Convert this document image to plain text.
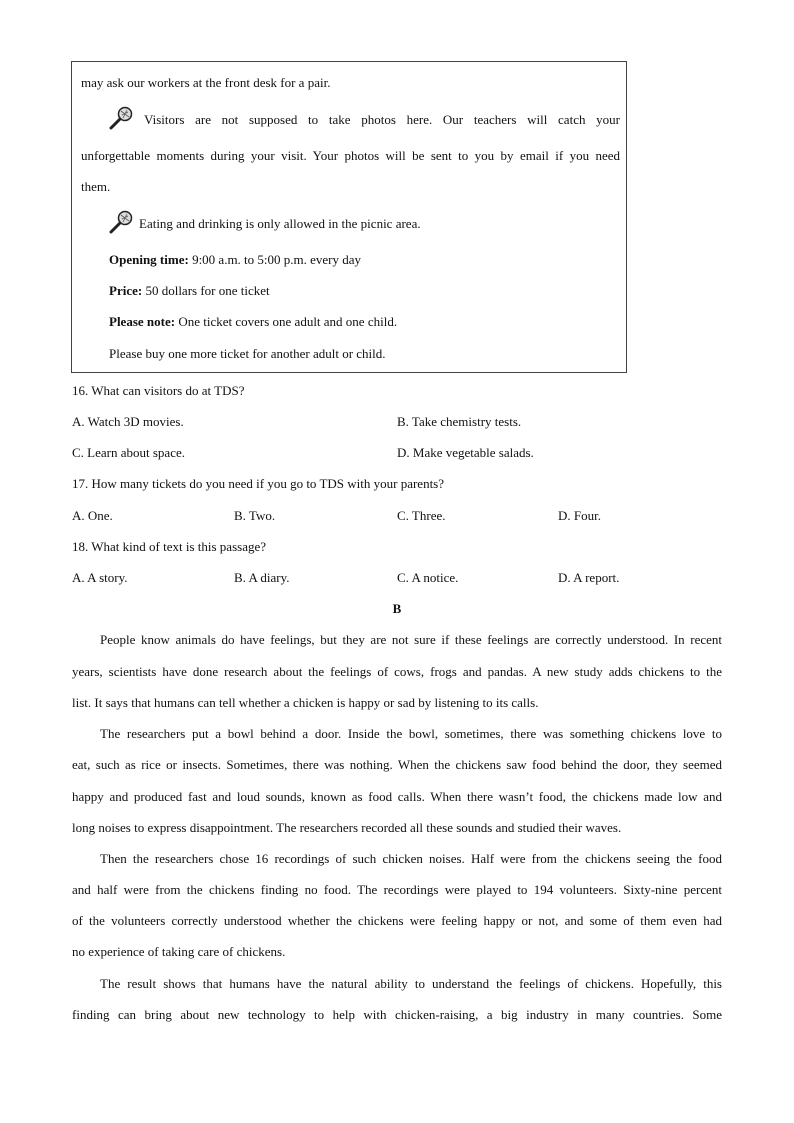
may ask our workers at the front desk for a pair.
Visitors are not supposed to take photos here. Our teachers will catch your
unforgettable moments during your visit. Your photos will be sent to you by email if you need
them.
Eating and drinking is only allowed in the picnic area.
Opening time: 9:00 a.m. to 5:00 p.m. every day
Price: 50 dollars for one ticket
Please note: One ticket covers one adult and one child.
Please buy one more ticket for another adult or child.
16. What can visitors do at TDS?
A. Watch 3D movies.	B. Take chemistry tests.
C. Learn about space.	D. Make vegetable salads.
17. How many tickets do you need if you go to TDS with your parents?
A. One.	B. Two.	C. Three.	D. Four.
18. What kind of text is this passage?
A. A story.	B. A diary.	C. A notice.	D. A report.
B
People know animals do have feelings, but they are not sure if these feelings are correctly understood. In recent
years, scientists have done research about the feelings of cows, frogs and pandas. A new study adds chickens to the
list. It says that humans can tell whether a chicken is happy or sad by listening to its calls.
The researchers put a bowl behind a door. Inside the bowl, sometimes, there was something chickens love to
eat, such as rice or insects. Sometimes, there was nothing. When the chickens saw food behind the door, they seemed
happy and produced fast and loud sounds, known as food calls. When there wasn’t food, the chickens made low and
long noises to express disappointment. The researchers recorded all these sounds and studied their waves.
Then the researchers chose 16 recordings of such chicken noises. Half were from the chickens seeing the food
and half were from the chickens finding no food. The recordings were played to 194 volunteers. Sixty-nine percent
of the volunteers correctly understood whether the chickens were feeling happy or not, and some of them even had
no experience of taking care of chickens.
The result shows that humans have the natural ability to understand the feelings of chickens. Hopefully, this
finding can bring about new technology to help with chicken-raising, a big industry in many countries. Some
